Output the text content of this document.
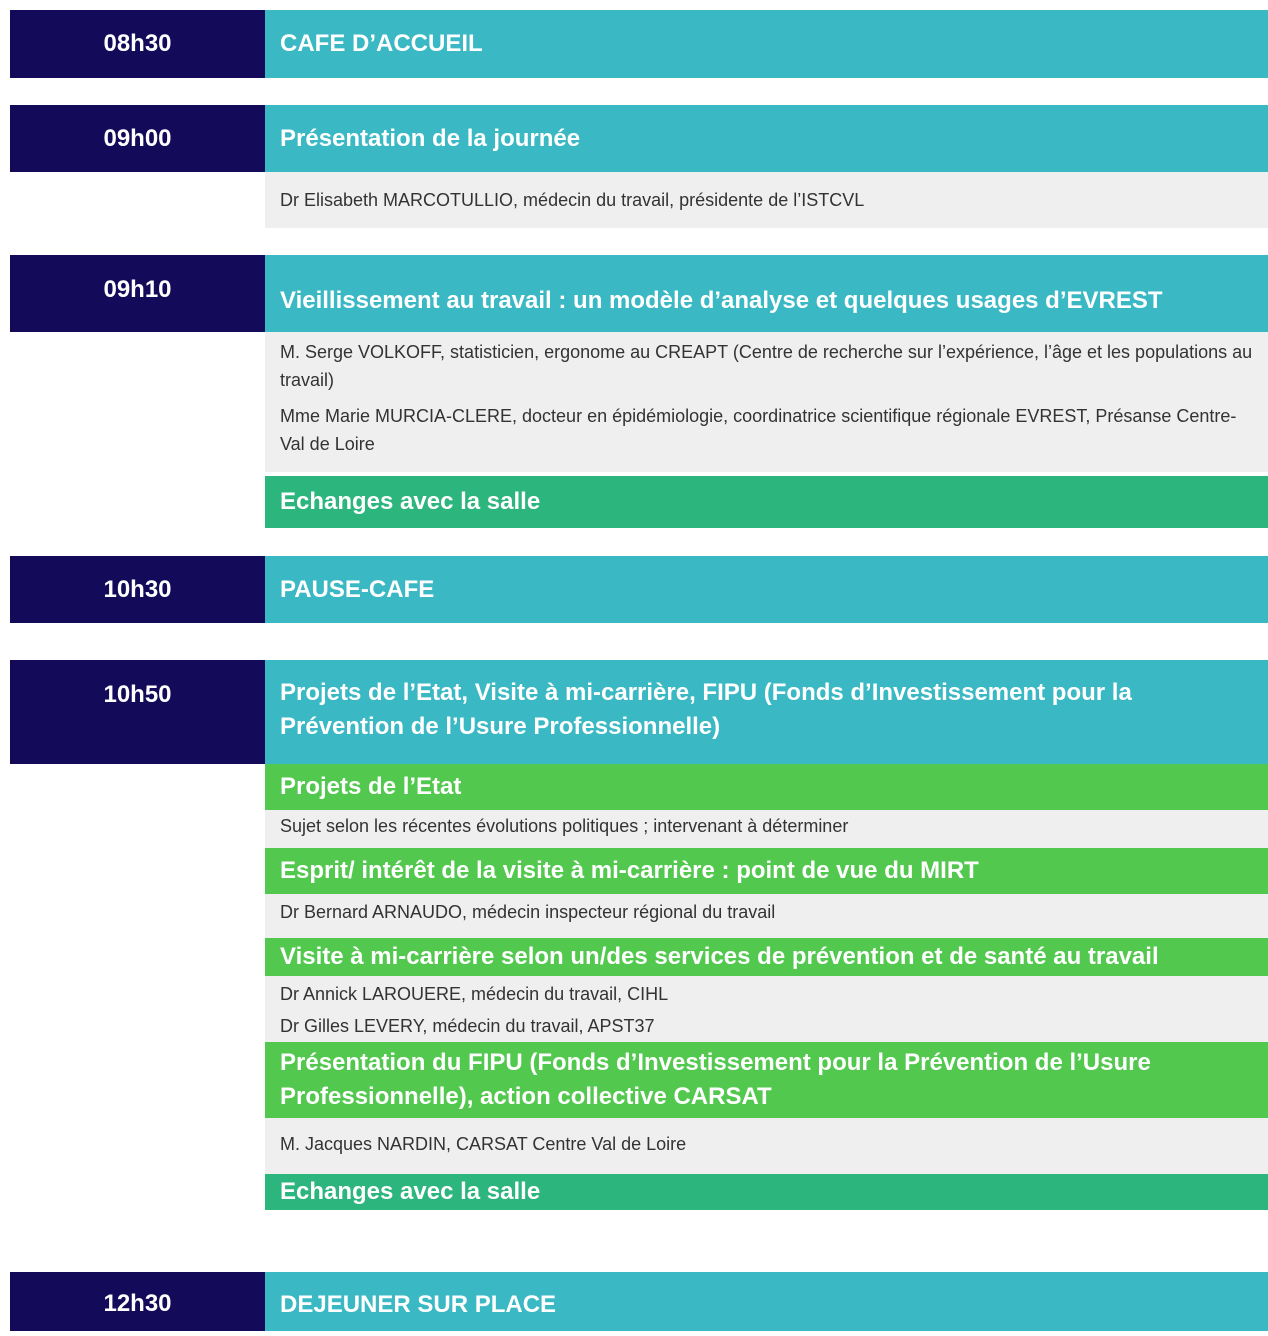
08h30	CAFE D’ACCUEIL
09h00	Présentation de la journée
Dr Elisabeth MARCOTULLIO, médecin du travail, présidente de l’ISTCVL
09h10	Vieillissement au travail : un modèle d’analyse et quelques usages d’EVREST
M. Serge VOLKOFF, statisticien, ergonome au CREAPT (Centre de recherche sur l’expérience, l’âge et les populations au travail)
Mme Marie MURCIA-CLERE, docteur en épidémiologie, coordinatrice scientifique régionale EVREST, Présanse Centre-Val de Loire
Echanges avec la salle
10h30	PAUSE-CAFE
10h50	Projets de l’Etat, Visite à mi-carrière, FIPU (Fonds d’Investissement pour la Prévention de l’Usure Professionnelle)
Projets de l’Etat
Sujet selon les récentes évolutions politiques ; intervenant à déterminer
Esprit/ intérêt de la visite à mi-carrière : point de vue du MIRT
Dr Bernard ARNAUDO, médecin inspecteur régional du travail
Visite à mi-carrière selon un/des services de prévention et de santé au travail
Dr Annick LAROUERE, médecin du travail, CIHL
Dr Gilles LEVERY, médecin du travail, APST37
Présentation du FIPU (Fonds d’Investissement pour la Prévention de l’Usure Professionnelle), action collective CARSAT
M. Jacques NARDIN, CARSAT Centre Val de Loire
Echanges avec la salle
12h30	DEJEUNER SUR PLACE
